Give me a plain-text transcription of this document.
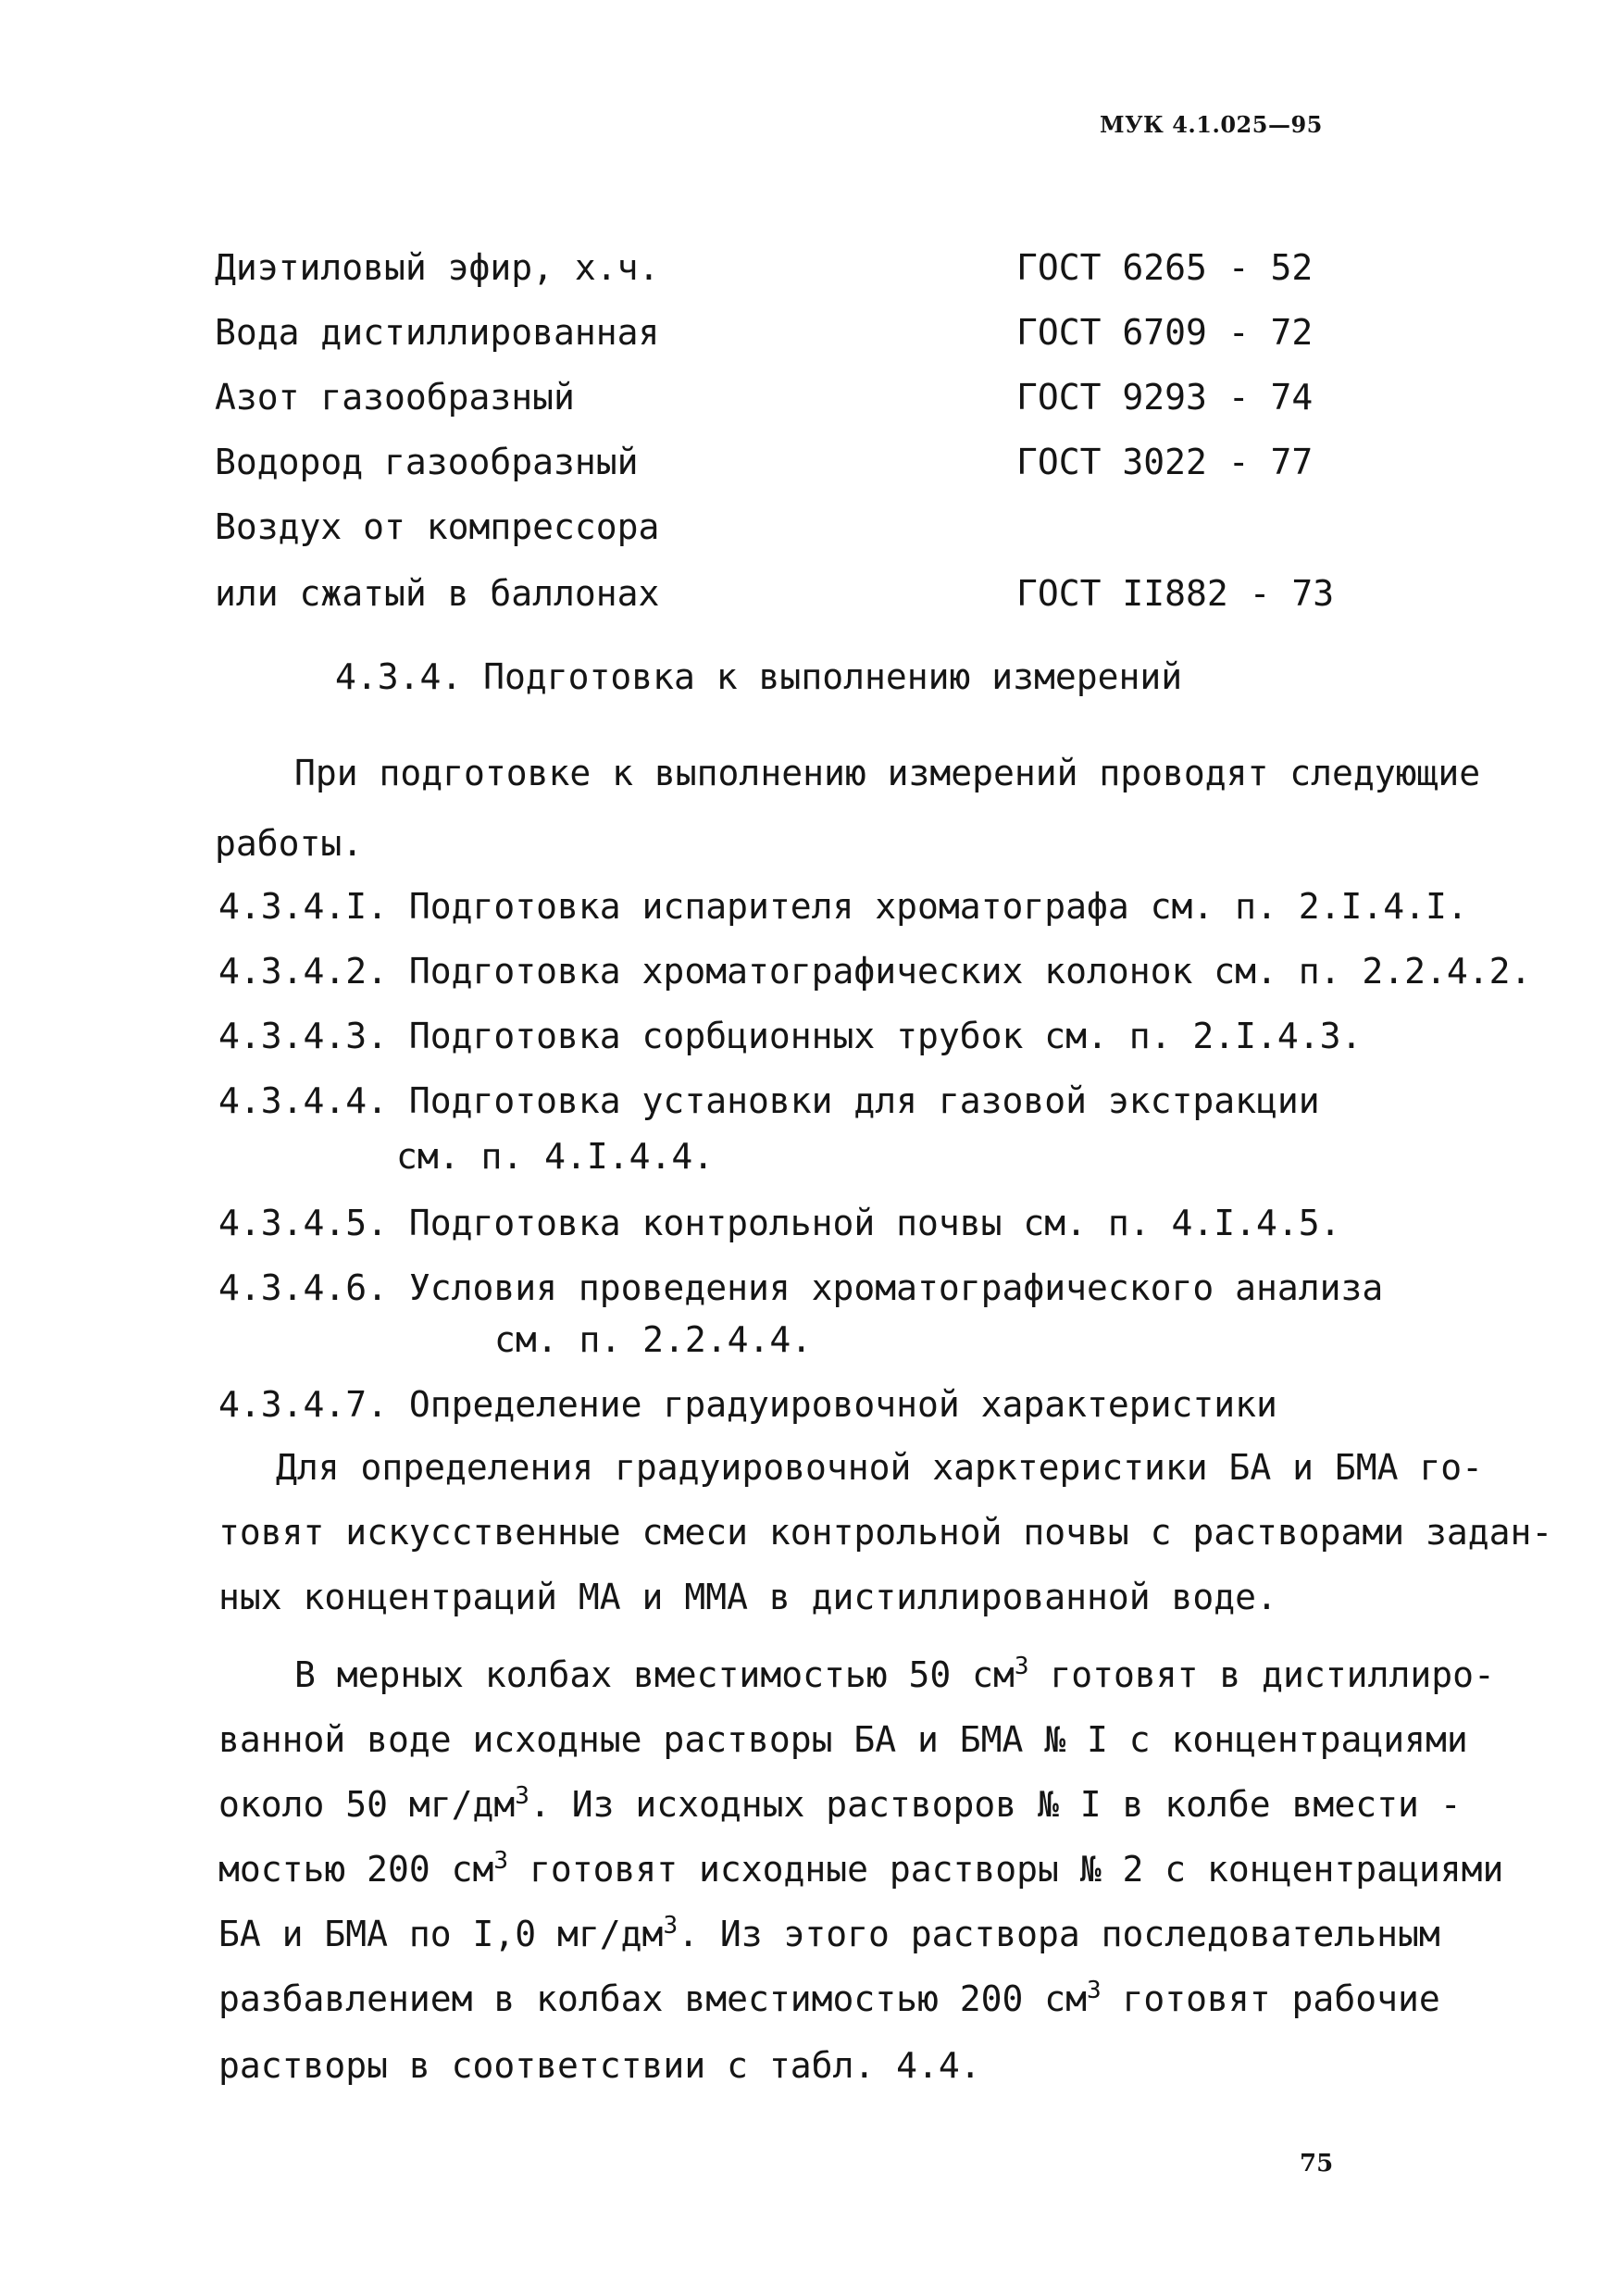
МУК 4.1.025—95
Диэтиловый эфир, х.ч.	ГОСТ 6265 - 52
Вода дистиллированная	ГОСТ 6709 - 72
Азот газообразный	ГОСТ 9293 - 74
Водород газообразный	ГОСТ 3022 - 77
Воздух от компрессора
или сжатый в баллонах	ГОСТ II882 - 73
4.3.4. Подготовка к выполнению измерений
При подготовке к выполнению измерений проводят следующие
работы.
4.3.4.I. Подготовка испарителя хроматографа см. п. 2.I.4.I.
4.3.4.2. Подготовка хроматографических колонок см. п. 2.2.4.2.
4.3.4.3. Подготовка сорбционных трубок см. п. 2.I.4.3.
4.3.4.4. Подготовка установки для газовой экстракции
см. п. 4.I.4.4.
4.3.4.5. Подготовка контрольной почвы см. п. 4.I.4.5.
4.3.4.6. Условия проведения хроматографического анализа
см. п. 2.2.4.4.
4.3.4.7. Определение градуировочной характеристики
Для определения градуировочной харктеристики БА и БМА го-
товят искусственные смеси контрольной почвы с растворами задан-
ных концентраций МА и ММА в дистиллированной воде.
В мерных колбах вместимостью 50 $см^3$ готовят в дистиллиро-
ванной воде исходные растворы БА и БМА № I с концентрациями
около 50 $мг/дм^3$. Из исходных растворов № I в колбе вмести -
мостью 200 $см^3$ готовят исходные растворы № 2 с концентрациями
БА и БМА по I,0 $мг/дм^3$. Из этого раствора последовательным
разбавлением в колбах вместимостью 200 $см^3$ готовят рабочие
растворы в соответствии с табл. 4.4.
75
